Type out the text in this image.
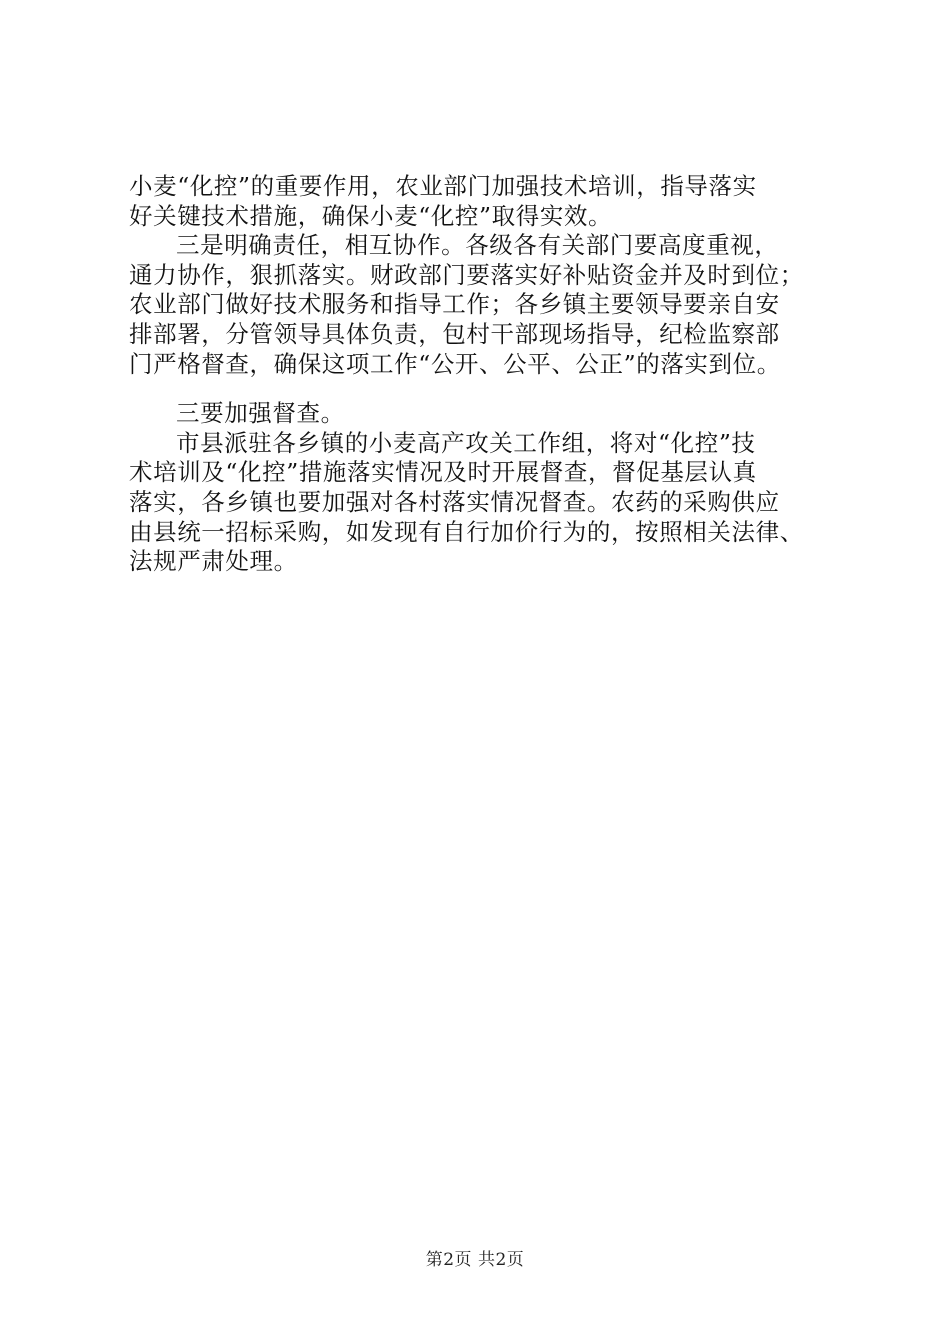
小麦“化控”的重要作用，农业部门加强技术培训，指导落实
好关键技术措施，确保小麦“化控”取得实效。
三是明确责任，相互协作。各级各有关部门要高度重视，
通力协作，狠抓落实。财政部门要落实好补贴资金并及时到位；
农业部门做好技术服务和指导工作；各乡镇主要领导要亲自安
排部署，分管领导具体负责，包村干部现场指导，纪检监察部
门严格督查，确保这项工作“公开、公平、公正”的落实到位。
三要加强督查。
市县派驻各乡镇的小麦高产攻关工作组，将对“化控”技
术培训及“化控”措施落实情况及时开展督查，督促基层认真
落实，各乡镇也要加强对各村落实情况督查。农药的采购供应
由县统一招标采购，如发现有自行加价行为的，按照相关法律、
法规严肃处理。
第2页 共2页
